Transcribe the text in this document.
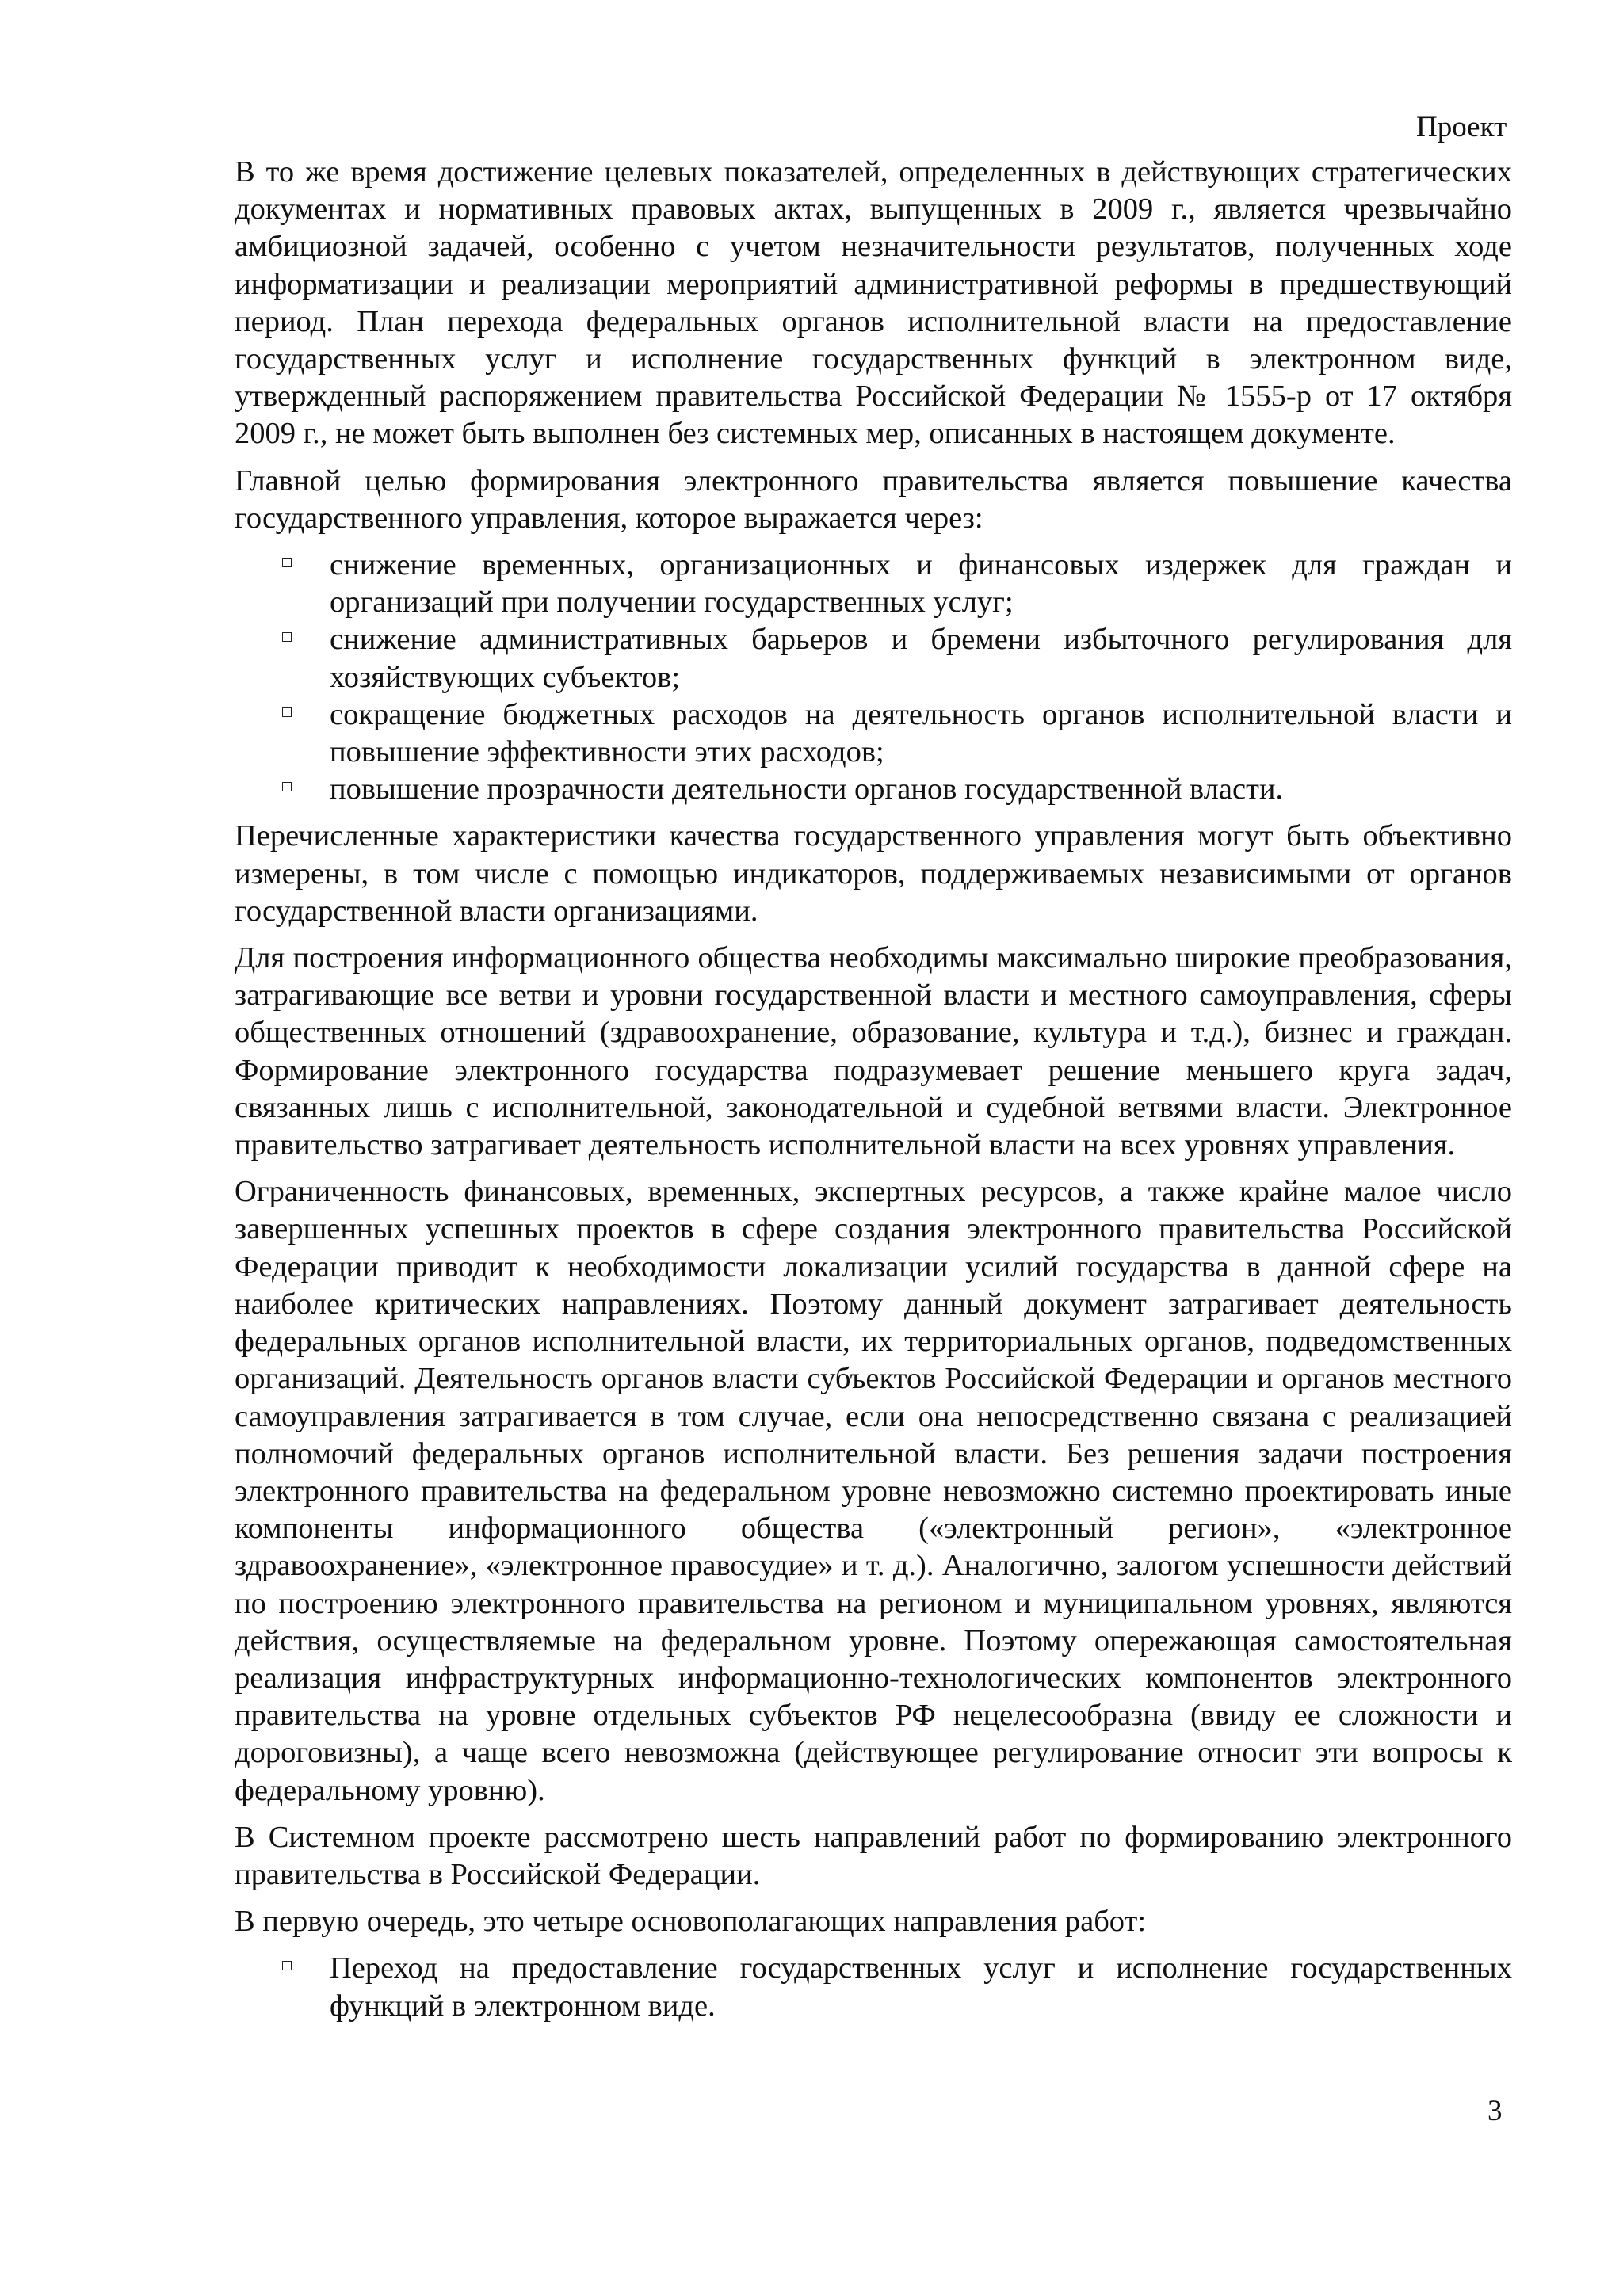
Проект

В то же время достижение целевых показателей, определенных в действующих стратегических документах и нормативных правовых актах, выпущенных в 2009 г., является чрезвычайно амбициозной задачей, особенно с учетом незначительности результатов, полученных ходе информатизации и реализации мероприятий административной реформы в предшествующий период. План перехода федеральных органов исполнительной власти на предоставление государственных услуг и исполнение государственных функций в электронном виде, утвержденный распоряжением правительства Российской Федерации № 1555-р от 17 октября 2009 г., не может быть выполнен без системных мер, описанных в настоящем документе.

Главной целью формирования электронного правительства является повышение качества государственного управления, которое выражается через:

снижение временных, организационных и финансовых издержек для граждан и организаций при получении государственных услуг;
снижение административных барьеров и бремени избыточного регулирования для хозяйствующих субъектов;
сокращение бюджетных расходов на деятельность органов исполнительной власти и повышение эффективности этих расходов;
повышение прозрачности деятельности органов государственной власти.

Перечисленные характеристики качества государственного управления могут быть объективно измерены, в том числе с помощью индикаторов, поддерживаемых независимыми от органов государственной власти организациями.

Для построения информационного общества необходимы максимально широкие преобразования, затрагивающие все ветви и уровни государственной власти и местного самоуправления, сферы общественных отношений (здравоохранение, образование, культура и т.д.), бизнес и граждан. Формирование электронного государства подразумевает решение меньшего круга задач, связанных лишь с исполнительной, законодательной и судебной ветвями власти. Электронное правительство затрагивает деятельность исполнительной власти на всех уровнях управления.

Ограниченность финансовых, временных, экспертных ресурсов, а также крайне малое число завершенных успешных проектов в сфере создания электронного правительства Российской Федерации приводит к необходимости локализации усилий государства в данной сфере на наиболее критических направлениях. Поэтому данный документ затрагивает деятельность федеральных органов исполнительной власти, их территориальных органов, подведомственных организаций. Деятельность органов власти субъектов Российской Федерации и органов местного самоуправления затрагивается в том случае, если она непосредственно связана с реализацией полномочий федеральных органов исполнительной власти. Без решения задачи построения электронного правительства на федеральном уровне невозможно системно проектировать иные компоненты информационного общества («электронный регион», «электронное здравоохранение», «электронное правосудие» и т. д.). Аналогично, залогом успешности действий по построению электронного правительства на регионом и муниципальном уровнях, являются действия, осуществляемые на федеральном уровне. Поэтому опережающая самостоятельная реализация инфраструктурных информационно-технологических компонентов электронного правительства на уровне отдельных субъектов РФ нецелесообразна (ввиду ее сложности и дороговизны), а чаще всего невозможна (действующее регулирование относит эти вопросы к федеральному уровню).

В Системном проекте рассмотрено шесть направлений работ по формированию электронного правительства в Российской Федерации.

В первую очередь, это четыре основополагающих направления работ:

Переход на предоставление государственных услуг и исполнение государственных функций в электронном виде.
3
